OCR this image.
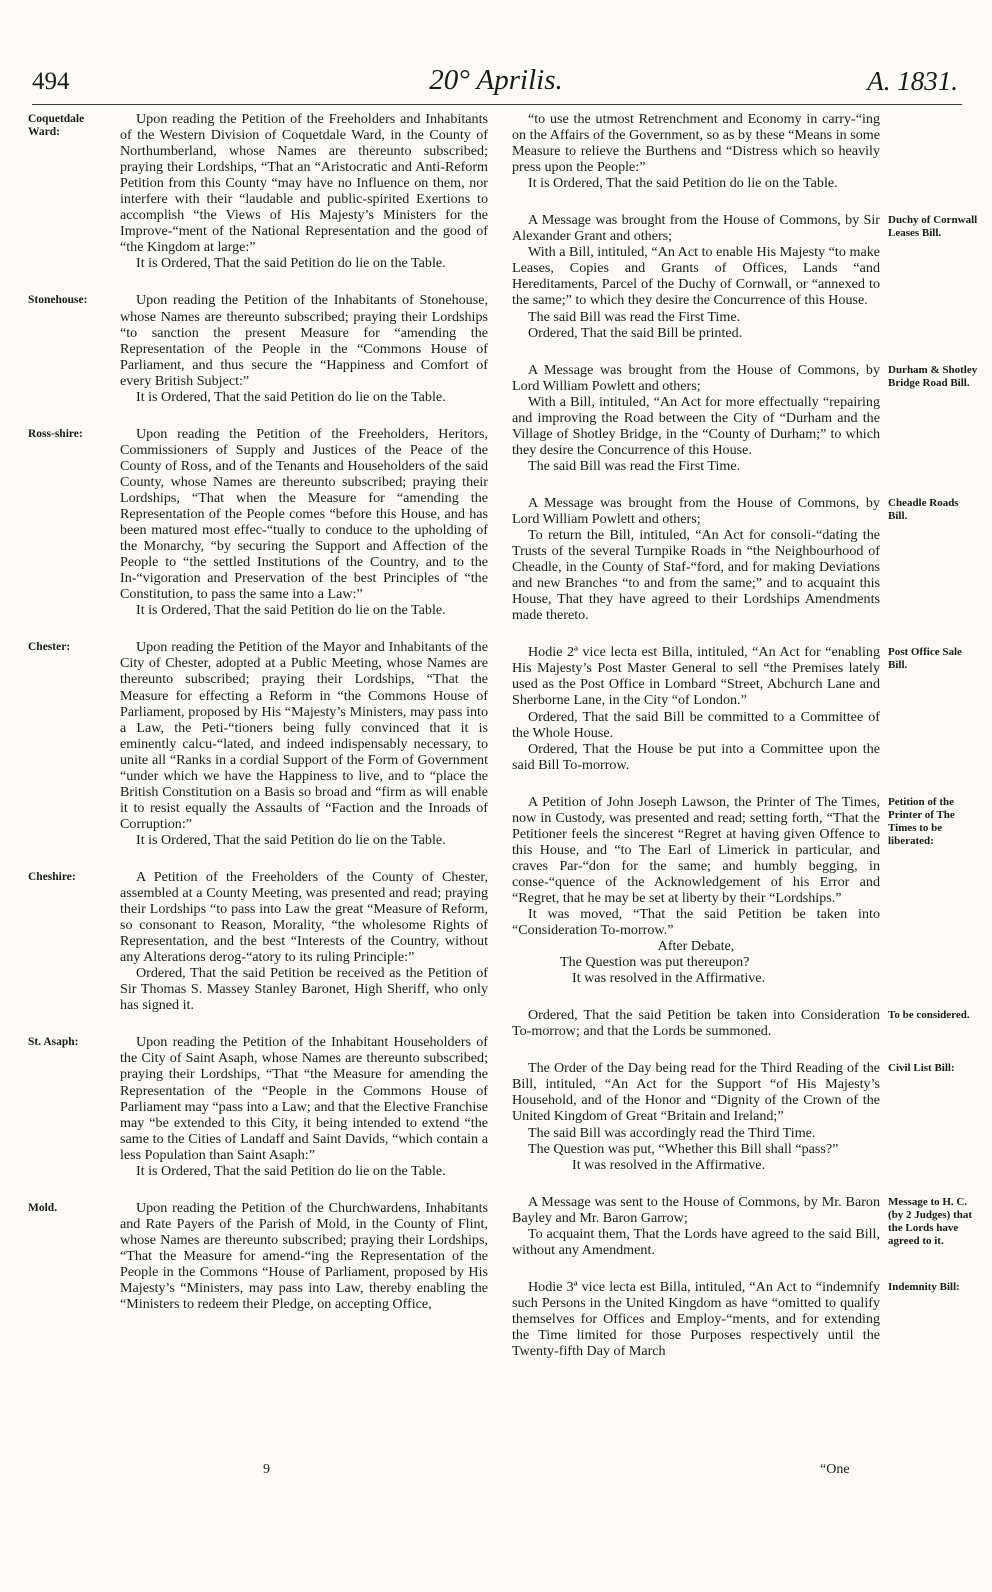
494	20° Aprilis.	A. 1831.

Upon reading the Petition of the Freeholders and Inhabitants of the Western Division of Coquetdale Ward, in the County of Northumberland, whose Names are thereunto subscribed; praying their Lordships, “That an “Aristocratic and Anti-Reform Petition from this County “may have no Influence on them, nor interfere with their “laudable and public-spirited Exertions to accomplish “the Views of His Majesty’s Ministers for the Improve-“ment of the National Representation and the good of “the Kingdom at large:”

It is Ordered, That the said Petition do lie on the Table.

Upon reading the Petition of the Inhabitants of Stonehouse, whose Names are thereunto subscribed; praying their Lordships “to sanction the present Measure for “amending the Representation of the People in the “Commons House of Parliament, and thus secure the “Happiness and Comfort of every British Subject:”

It is Ordered, That the said Petition do lie on the Table.

Upon reading the Petition of the Freeholders, Heritors, Commissioners of Supply and Justices of the Peace of the County of Ross, and of the Tenants and Householders of the said County, whose Names are thereunto subscribed; praying their Lordships, “That when the Measure for “amending the Representation of the People comes “before this House, and has been matured most effec-“tually to conduce to the upholding of the Monarchy, “by securing the Support and Affection of the People to “the settled Institutions of the Country, and to the In-“vigoration and Preservation of the best Principles of “the Constitution, to pass the same into a Law:”

It is Ordered, That the said Petition do lie on the Table.

Upon reading the Petition of the Mayor and Inhabitants of the City of Chester, adopted at a Public Meeting, whose Names are thereunto subscribed; praying their Lordships, “That the Measure for effecting a Reform in “the Commons House of Parliament, proposed by His “Majesty’s Ministers, may pass into a Law, the Peti-“tioners being fully convinced that it is eminently calcu-“lated, and indeed indispensably necessary, to unite all “Ranks in a cordial Support of the Form of Government “under which we have the Happiness to live, and to “place the British Constitution on a Basis so broad and “firm as will enable it to resist equally the Assaults of “Faction and the Inroads of Corruption:”

It is Ordered, That the said Petition do lie on the Table.

A Petition of the Freeholders of the County of Chester, assembled at a County Meeting, was presented and read; praying their Lordships “to pass into Law the great “Measure of Reform, so consonant to Reason, Morality, “the wholesome Rights of Representation, and the best “Interests of the Country, without any Alterations derog-“atory to its ruling Principle:”

Ordered, That the said Petition be received as the Petition of Sir Thomas S. Massey Stanley Baronet, High Sheriff, who only has signed it.

Upon reading the Petition of the Inhabitant Householders of the City of Saint Asaph, whose Names are thereunto subscribed; praying their Lordships, “That “the Measure for amending the Representation of the “People in the Commons House of Parliament may “pass into a Law; and that the Elective Franchise may “be extended to this City, it being intended to extend “the same to the Cities of Landaff and Saint Davids, “which contain a less Population than Saint Asaph:”

It is Ordered, That the said Petition do lie on the Table.

Upon reading the Petition of the Churchwardens, Inhabitants and Rate Payers of the Parish of Mold, in the County of Flint, whose Names are thereunto subscribed; praying their Lordships, “That the Measure for amend-“ing the Representation of the People in the Commons “House of Parliament, proposed by His Majesty’s “Ministers, may pass into Law, thereby enabling the “Ministers to redeem their Pledge, on accepting Office,

“to use the utmost Retrenchment and Economy in carry-“ing on the Affairs of the Government, so as by these “Means in some Measure to relieve the Burthens and “Distress which so heavily press upon the People:”

It is Ordered, That the said Petition do lie on the Table.

A Message was brought from the House of Commons, by Sir Alexander Grant and others;

With a Bill, intituled, “An Act to enable His Majesty “to make Leases, Copies and Grants of Offices, Lands “and Hereditaments, Parcel of the Duchy of Cornwall, or “annexed to the same;” to which they desire the Concurrence of this House.

The said Bill was read the First Time.

Ordered, That the said Bill be printed.

A Message was brought from the House of Commons, by Lord William Powlett and others;

With a Bill, intituled, “An Act for more effectually “repairing and improving the Road between the City of “Durham and the Village of Shotley Bridge, in the “County of Durham;” to which they desire the Concurrence of this House.

The said Bill was read the First Time.

A Message was brought from the House of Commons, by Lord William Powlett and others;

To return the Bill, intituled, “An Act for consoli-“dating the Trusts of the several Turnpike Roads in “the Neighbourhood of Cheadle, in the County of Staf-“ford, and for making Deviations and new Branches “to and from the same;” and to acquaint this House, That they have agreed to their Lordships Amendments made thereto.

Hodie 2ª vice lecta est Billa, intituled, “An Act for “enabling His Majesty’s Post Master General to sell “the Premises lately used as the Post Office in Lombard “Street, Abchurch Lane and Sherborne Lane, in the City “of London.”

Ordered, That the said Bill be committed to a Committee of the Whole House.

Ordered, That the House be put into a Committee upon the said Bill To-morrow.

A Petition of John Joseph Lawson, the Printer of The Times, now in Custody, was presented and read; setting forth, “That the Petitioner feels the sincerest “Regret at having given Offence to this House, and “to The Earl of Limerick in particular, and craves Par-“don for the same; and humbly begging, in conse-“quence of the Acknowledgement of his Error and “Regret, that he may be set at liberty by their “Lordships.”

It was moved, “That the said Petition be taken into “Consideration To-morrow.”

After Debate,

The Question was put thereupon?

It was resolved in the Affirmative.

Ordered, That the said Petition be taken into Consideration To-morrow; and that the Lords be summoned.

The Order of the Day being read for the Third Reading of the Bill, intituled, “An Act for the Support “of His Majesty’s Household, and of the Honor and “Dignity of the Crown of the United Kingdom of Great “Britain and Ireland;”

The said Bill was accordingly read the Third Time.

The Question was put, “Whether this Bill shall “pass?”

It was resolved in the Affirmative.

A Message was sent to the House of Commons, by Mr. Baron Bayley and Mr. Baron Garrow;

To acquaint them, That the Lords have agreed to the said Bill, without any Amendment.

Hodie 3ª vice lecta est Billa, intituled, “An Act to “indemnify such Persons in the United Kingdom as have “omitted to qualify themselves for Offices and Employ-“ments, and for extending the Time limited for those Purposes respectively until the Twenty-fifth Day of March

9	“One
Coquetdale Ward:
Stonehouse:
Ross-shire:
Chester:
Cheshire:
St. Asaph:
Mold.
Duchy of Cornwall Leases Bill.
Durham & Shotley Bridge Road Bill.
Cheadle Roads Bill.
Post Office Sale Bill.
Petition of the Printer of The Times to be liberated:
To be considered.
Civil List Bill:
Message to H. C. (by 2 Judges) that the Lords have agreed to it.
Indemnity Bill:
